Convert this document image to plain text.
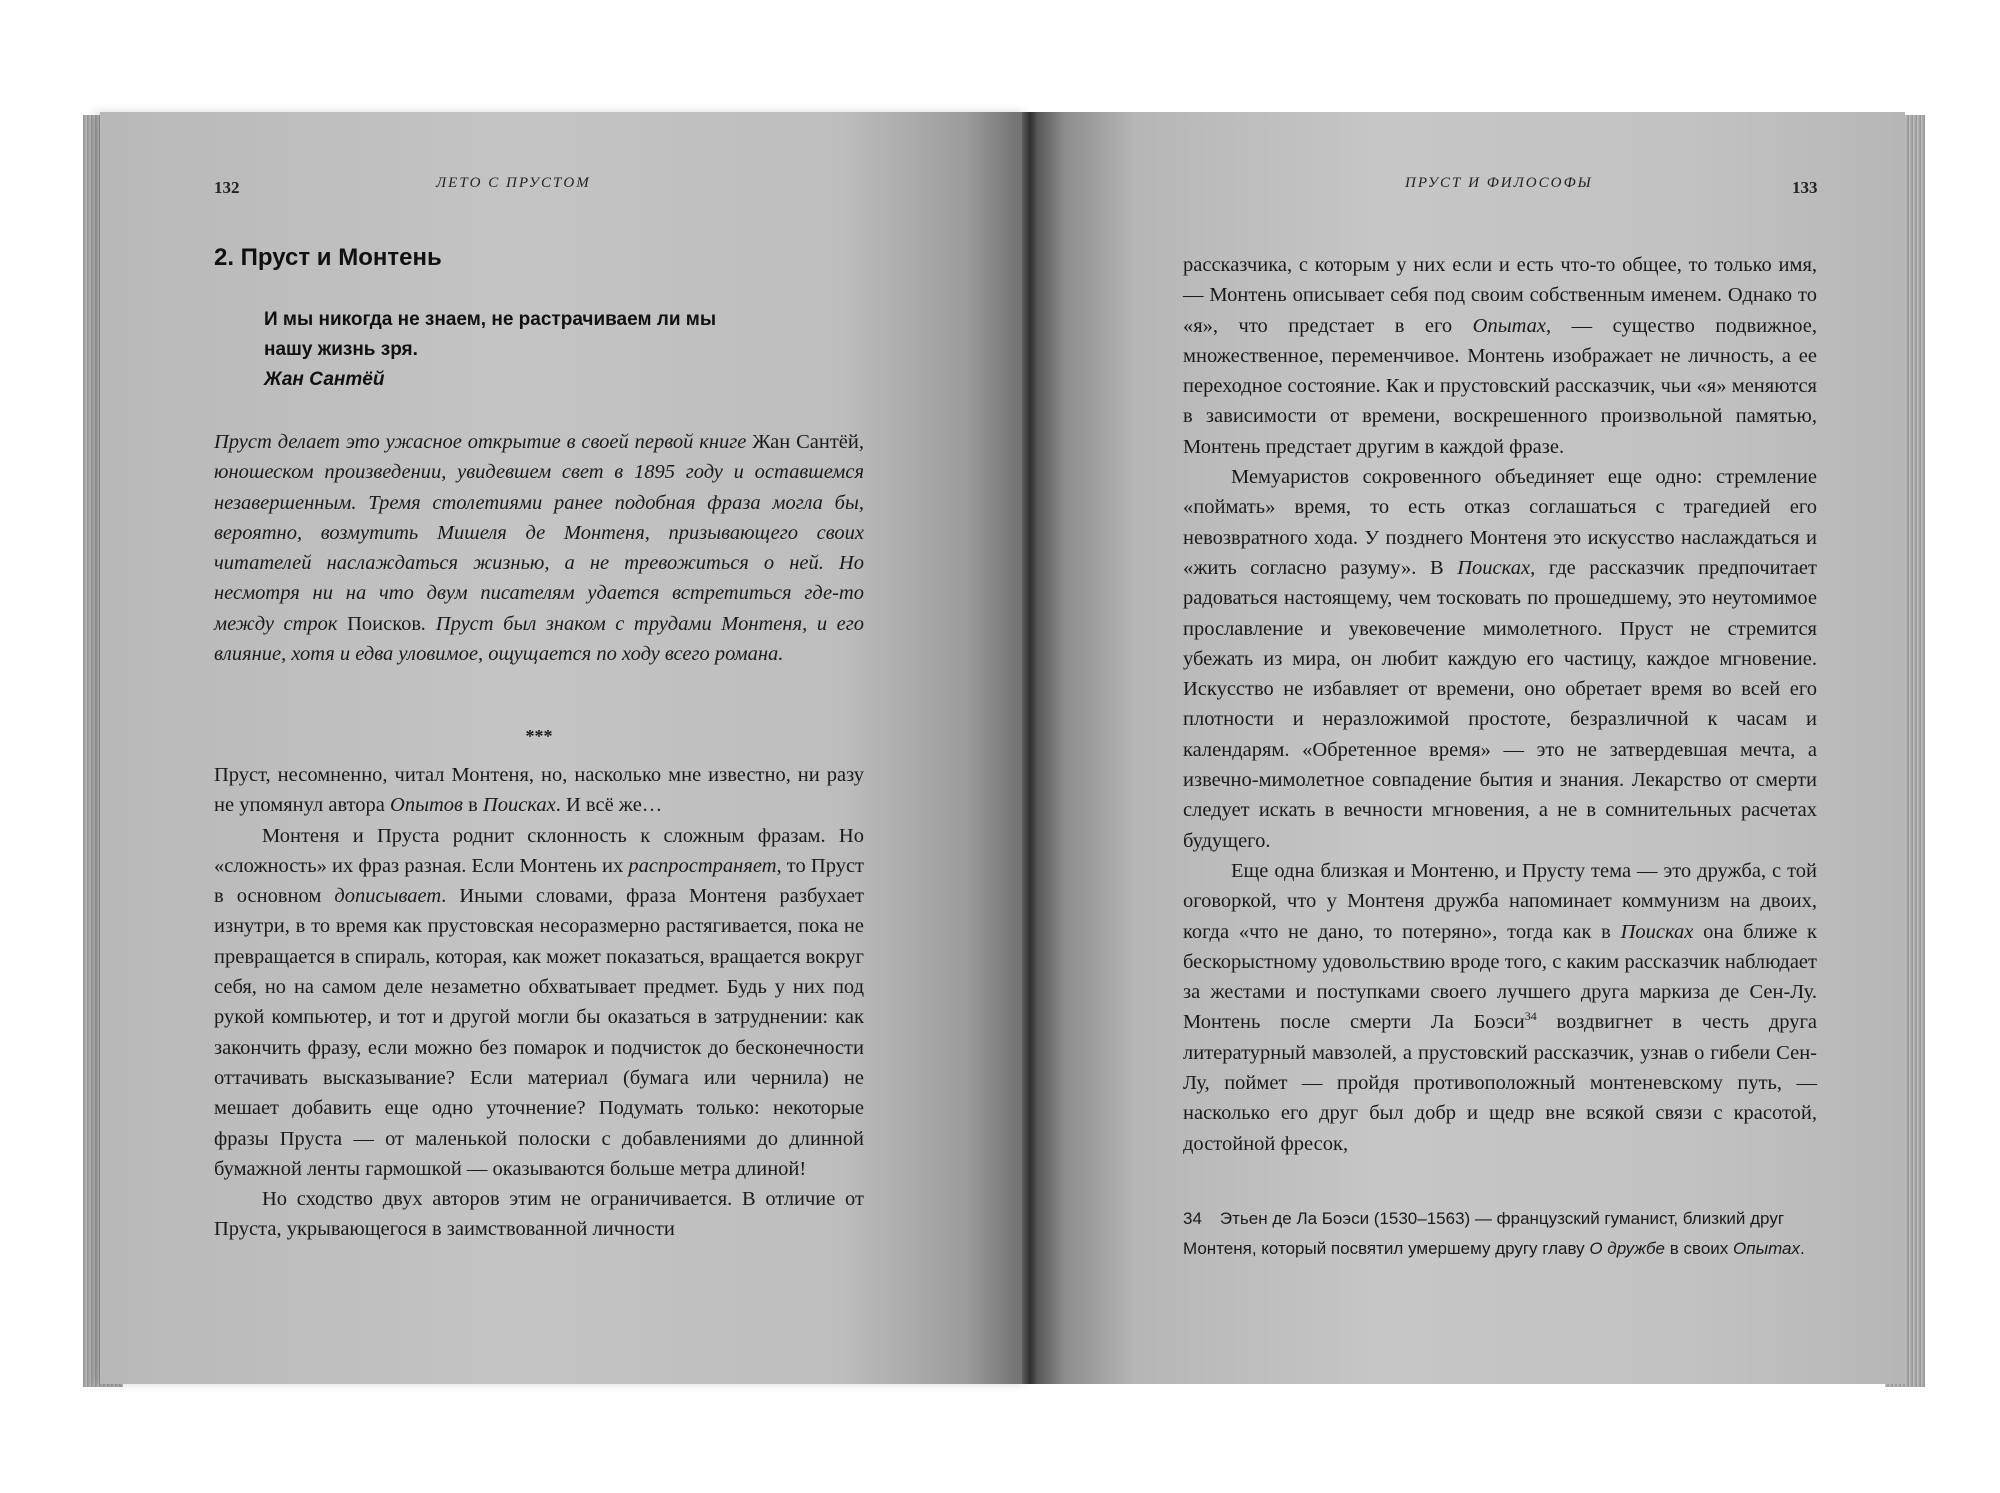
132	ЛЕТО С ПРУСТОМ
2. Пруст и Монтень
И мы никогда не знаем, не растрачиваем ли мы
нашу жизнь зря.
Жан Сантёй

Пруст делает это ужасное открытие в своей первой книге Жан Сантёй, юношеском произведении, увидевшем свет в 1895 году и оставшемся незавершенным. Тремя столетиями ранее подобная фраза могла бы, вероятно, возмутить Мишеля де Монтеня, призывающего своих читателей наслаждаться жизнью, а не тревожиться о ней. Но несмотря ни на что двум писателям удается встретиться где-то между строк Поисков. Пруст был знаком с трудами Монтеня, и его влияние, хотя и едва уловимое, ощущается по ходу всего романа.

***

Пруст, несомненно, читал Монтеня, но, насколько мне известно, ни разу не упомянул автора Опытов в Поисках. И всё же…

Монтеня и Пруста роднит склонность к сложным фразам. Но «сложность» их фраз разная. Если Монтень их распространяет, то Пруст в основном дописывает. Иными словами, фраза Монтеня разбухает изнутри, в то время как прустовская несоразмерно растягивается, пока не превращается в спираль, которая, как может показаться, вращается вокруг себя, но на самом деле незаметно обхватывает предмет. Будь у них под рукой компьютер, и тот и другой могли бы оказаться в затруднении: как закончить фразу, если можно без помарок и подчисток до бесконечности оттачивать высказывание? Если материал (бумага или чернила) не мешает добавить еще одно уточнение? Подумать только: некоторые фразы Пруста — от маленькой полоски с добавлениями до длинной бумажной ленты гармошкой — оказываются больше метра длиной!

Но сходство двух авторов этим не ограничивается. В отличие от Пруста, укрывающегося в заимствованной личности

ПРУСТ И ФИЛОСОФЫ	133

рассказчика, с которым у них если и есть что-то общее, то только имя, — Монтень описывает себя под своим собственным именем. Однако то «я», что предстает в его Опытах, — существо подвижное, множественное, переменчивое. Монтень изображает не личность, а ее переходное состояние. Как и прустовский рассказчик, чьи «я» меняются в зависимости от времени, воскрешенного произвольной памятью, Монтень предстает другим в каждой фразе.

Мемуаристов сокровенного объединяет еще одно: стремление «поймать» время, то есть отказ соглашаться с трагедией его невозвратного хода. У позднего Монтеня это искусство наслаждаться и «жить согласно разуму». В Поисках, где рассказчик предпочитает радоваться настоящему, чем тосковать по прошедшему, это неутомимое прославление и увековечение мимолетного. Пруст не стремится убежать из мира, он любит каждую его частицу, каждое мгновение. Искусство не избавляет от времени, оно обретает время во всей его плотности и неразложимой простоте, безразличной к часам и календарям. «Обретенное время» — это не затвердевшая мечта, а извечно-мимолетное совпадение бытия и знания. Лекарство от смерти следует искать в вечности мгновения, а не в сомнительных расчетах будущего.

Еще одна близкая и Монтеню, и Прусту тема — это дружба, с той оговоркой, что у Монтеня дружба напоминает коммунизм на двоих, когда «что не дано, то потеряно», тогда как в Поисках она ближе к бескорыстному удовольствию вроде того, с каким рассказчик наблюдает за жестами и поступками своего лучшего друга маркиза де Сен-Лу. Монтень после смерти Ла Боэси$^{34}$ воздвигнет в честь друга литературный мавзолей, а прустовский рассказчик, узнав о гибели Сен-Лу, поймет — пройдя противоположный монтеневскому путь, — насколько его друг был добр и щедр вне всякой связи с красотой, достойной фресок,

34 Этьен де Ла Боэси (1530–1563) — французский гуманист, близкий друг Монтеня, который посвятил умершему другу главу О дружбе в своих Опытах.
